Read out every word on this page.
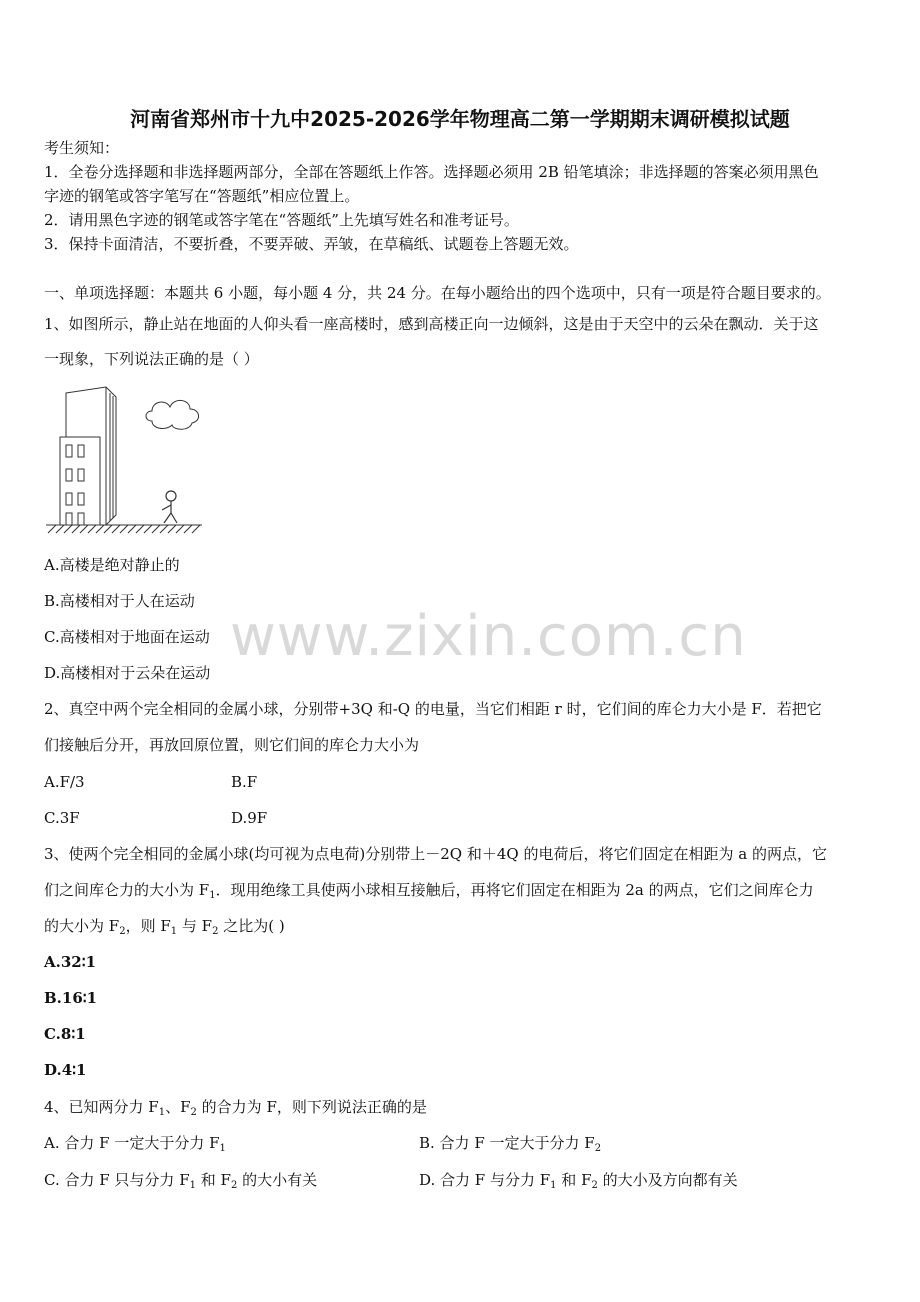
河南省郑州市十九中2025-2026学年物理高二第一学期期末调研模拟试题
考生须知：
1．全卷分选择题和非选择题两部分，全部在答题纸上作答。选择题必须用 2B 铅笔填涂；非选择题的答案必须用黑色
字迹的钢笔或答字笔写在“答题纸”相应位置上。
2．请用黑色字迹的钢笔或答字笔在“答题纸”上先填写姓名和准考证号。
3．保持卡面清洁，不要折叠，不要弄破、弄皱，在草稿纸、试题卷上答题无效。
一、单项选择题：本题共 6 小题，每小题 4 分，共 24 分。在每小题给出的四个选项中，只有一项是符合题目要求的。
1、如图所示，静止站在地面的人仰头看一座高楼时，感到高楼正向一边倾斜，这是由于天空中的云朵在飘动．关于这
一现象，下列说法正确的是（ ）
A.高楼是绝对静止的
B.高楼相对于人在运动
C.高楼相对于地面在运动
D.高楼相对于云朵在运动
www.zixin.com.cn
2、真空中两个完全相同的金属小球，分别带+3Q 和-Q 的电量，当它们相距 r 时，它们间的库仑力大小是 F．若把它
们接触后分开，再放回原位置，则它们间的库仑力大小为
A.F/3	B.F
C.3F	D.9F
3、使两个完全相同的金属小球(均可视为点电荷)分别带上－2Q 和＋4Q 的电荷后，将它们固定在相距为 a 的两点，它
们之间库仑力的大小为 $F_1$．现用绝缘工具使两小球相互接触后，再将它们固定在相距为 2a 的两点，它们之间库仑力
的大小为 $F_2$，则 $F_1$ 与 $F_2$ 之比为( )
A.32∶1
B.16∶1
C.8∶1
D.4∶1
4、已知两分力 $F_1$、$F_2$ 的合力为 F，则下列说法正确的是
A. 合力 F 一定大于分力 $F_1$	B. 合力 F 一定大于分力 $F_2$
C. 合力 F 只与分力 $F_1$ 和 $F_2$ 的大小有关	D. 合力 F 与分力 $F_1$ 和 $F_2$ 的大小及方向都有关
